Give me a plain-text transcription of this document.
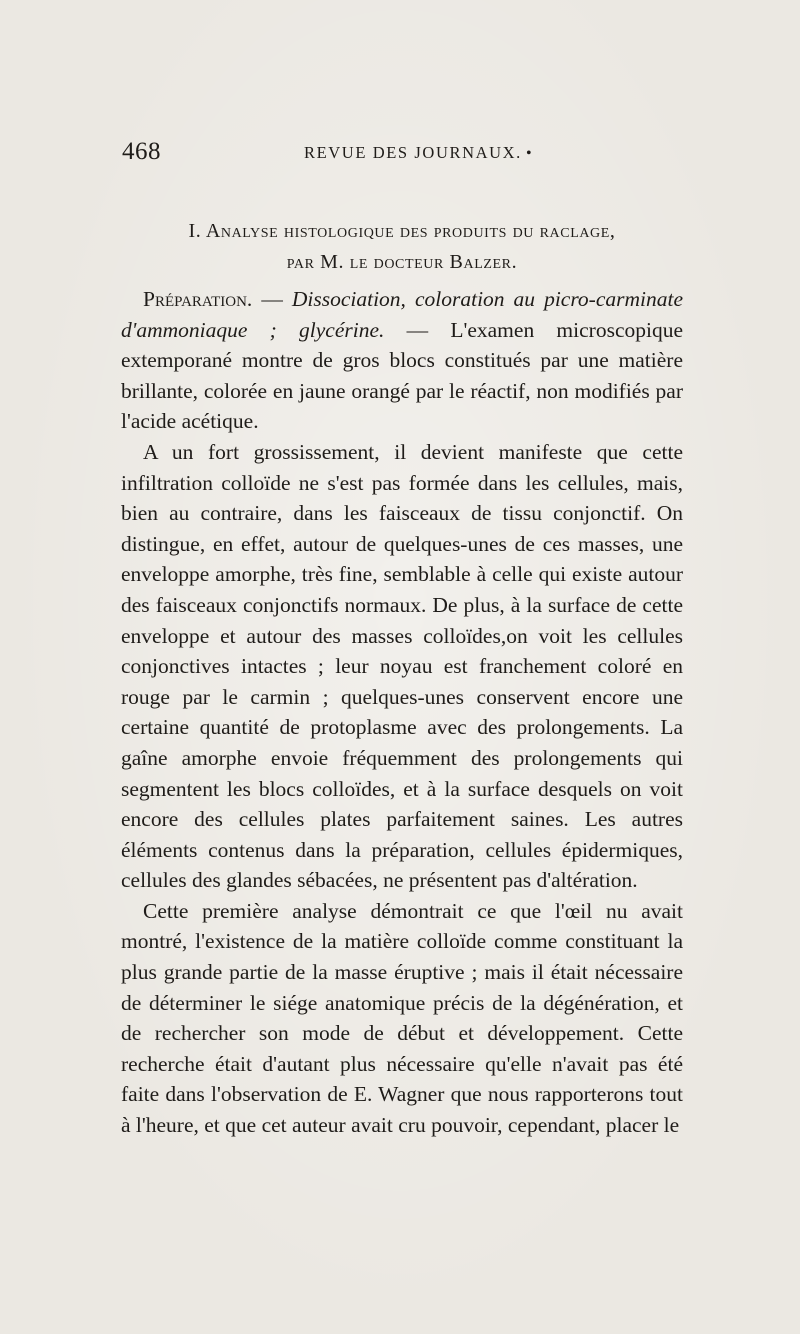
468	REVUE DES JOURNAUX. •
I. Analyse histologique des produits du raclage,
par M. le docteur Balzer.

Préparation. — Dissociation, coloration au picro-carminate d'ammoniaque ; glycérine. — L'examen microscopique extemporané montre de gros blocs constitués par une matière brillante, colorée en jaune orangé par le réactif, non modifiés par l'acide acétique.

A un fort grossissement, il devient manifeste que cette infiltration colloïde ne s'est pas formée dans les cellules, mais, bien au contraire, dans les faisceaux de tissu conjonctif. On distingue, en effet, autour de quelques-unes de ces masses, une enveloppe amorphe, très fine, semblable à celle qui existe autour des faisceaux conjonctifs normaux. De plus, à la surface de cette enveloppe et autour des masses colloïdes,on voit les cellules conjonctives intactes ; leur noyau est franchement coloré en rouge par le carmin ; quelques-unes conservent encore une certaine quantité de protoplasme avec des prolongements. La gaîne amorphe envoie fréquemment des prolongements qui segmentent les blocs colloïdes, et à la surface desquels on voit encore des cellules plates parfaitement saines. Les autres éléments contenus dans la préparation, cellules épidermiques, cellules des glandes sébacées, ne présentent pas d'altération.

Cette première analyse démontrait ce que l'œil nu avait montré, l'existence de la matière colloïde comme constituant la plus grande partie de la masse éruptive ; mais il était nécessaire de déterminer le siége anatomique précis de la dégénération, et de rechercher son mode de début et développement. Cette recherche était d'autant plus nécessaire qu'elle n'avait pas été faite dans l'observation de E. Wagner que nous rapporterons tout à l'heure, et que cet auteur avait cru pouvoir, cependant, placer le
